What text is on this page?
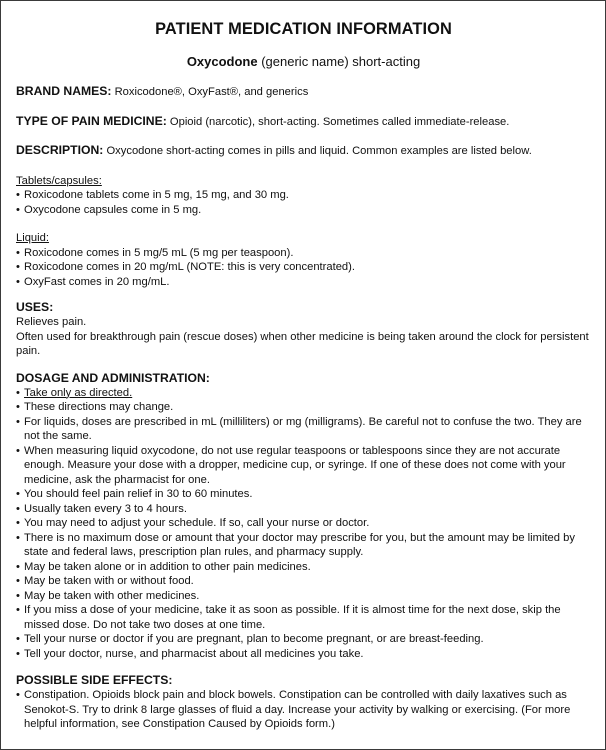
PATIENT MEDICATION INFORMATION
Oxycodone (generic name) short-acting
BRAND NAMES: Roxicodone®, OxyFast®, and generics
TYPE OF PAIN MEDICINE: Opioid (narcotic), short-acting. Sometimes called immediate-release.
DESCRIPTION: Oxycodone short-acting comes in pills and liquid. Common examples are listed below.
Tablets/capsules:
• Roxicodone tablets come in 5 mg, 15 mg, and 30 mg.
• Oxycodone capsules come in 5 mg.
Liquid:
• Roxicodone comes in 5 mg/5 mL (5 mg per teaspoon).
• Roxicodone comes in 20 mg/mL (NOTE: this is very concentrated).
• OxyFast comes in 20 mg/mL.
USES:
Relieves pain.
Often used for breakthrough pain (rescue doses) when other medicine is being taken around the clock for persistent pain.
DOSAGE AND ADMINISTRATION:
• Take only as directed.
• These directions may change.
• For liquids, doses are prescribed in mL (milliliters) or mg (milligrams). Be careful not to confuse the two. They are not the same.
• When measuring liquid oxycodone, do not use regular teaspoons or tablespoons since they are not accurate enough. Measure your dose with a dropper, medicine cup, or syringe. If one of these does not come with your medicine, ask the pharmacist for one.
• You should feel pain relief in 30 to 60 minutes.
• Usually taken every 3 to 4 hours.
• You may need to adjust your schedule. If so, call your nurse or doctor.
• There is no maximum dose or amount that your doctor may prescribe for you, but the amount may be limited by state and federal laws, prescription plan rules, and pharmacy supply.
• May be taken alone or in addition to other pain medicines.
• May be taken with or without food.
• May be taken with other medicines.
• If you miss a dose of your medicine, take it as soon as possible. If it is almost time for the next dose, skip the missed dose. Do not take two doses at one time.
• Tell your nurse or doctor if you are pregnant, plan to become pregnant, or are breast-feeding.
• Tell your doctor, nurse, and pharmacist about all medicines you take.
POSSIBLE SIDE EFFECTS:
• Constipation. Opioids block pain and block bowels. Constipation can be controlled with daily laxatives such as Senokot-S. Try to drink 8 large glasses of fluid a day. Increase your activity by walking or exercising. (For more helpful information, see Constipation Caused by Opioids form.)
